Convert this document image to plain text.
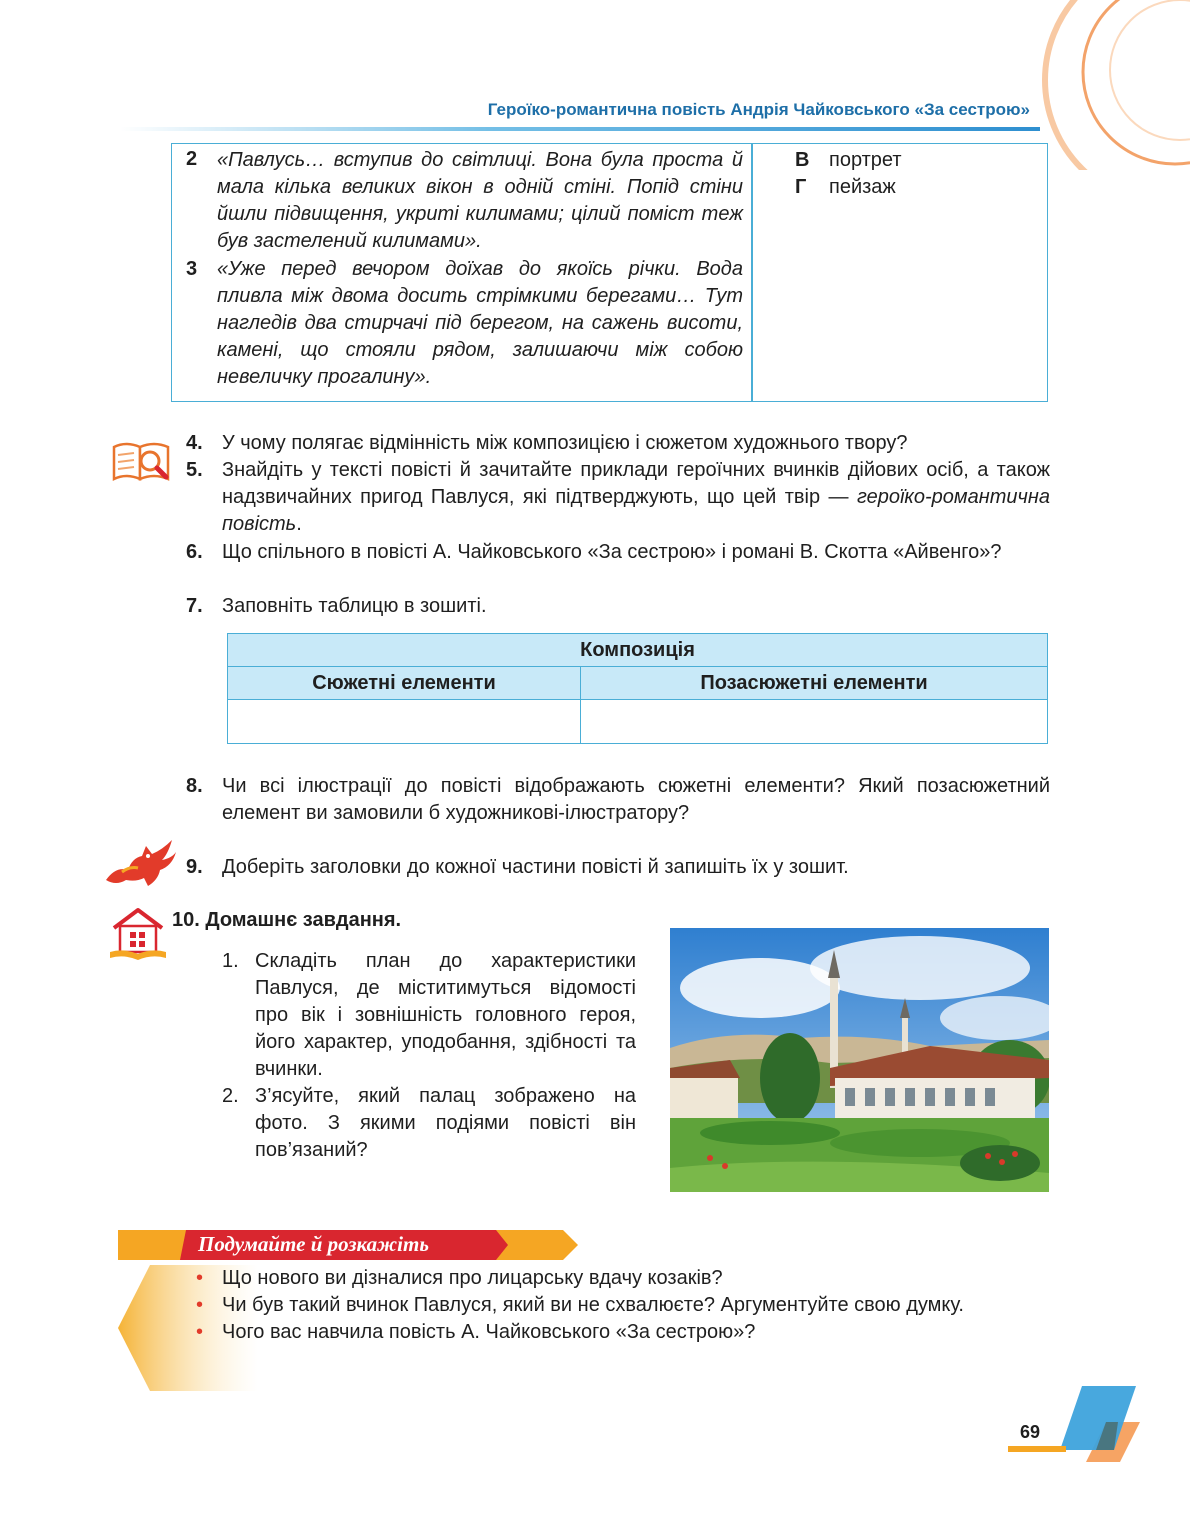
Героїко-романтична повість Андрія Чайковського «За сестрою»
2 «Павлусь… вступив до світлиці. Вона була проста й мала кілька великих вікон в одній стіні. Попід стіни йшли підвищення, укриті килимами; цілий поміст теж був застелений килимами».
3 «Уже перед вечором доїхав до якоїсь річки. Вода пливла між двома досить стрімкими берегами… Тут нагледів два стирчачі під берегом, на сажень висоти, камені, що стояли рядом, залишаючи між собою невеличку прогалину».
В портрет
Г пейзаж
4. У чому полягає відмінність між композицією і сюжетом художнього твору?
5. Знайдіть у тексті повісті й зачитайте приклади героїчних вчинків дійових осіб, а також надзвичайних пригод Павлуся, які підтверджують, що цей твір — героїко-романтична повість.
6. Що спільного в повісті А. Чайковського «За сестрою» і романі В. Скотта «Айвенго»?
7. Заповніть таблицю в зошиті.
Композиція	
Сюжетні елементи	Позасюжетні елементи

8. Чи всі ілюстрації до повісті відображають сюжетні елементи? Який позасюжетний елемент ви замовили б художникові-ілюстратору?
9. Доберіть заголовки до кожної частини повісті й запишіть їх у зошит.
10. Домашнє завдання.
1. Складіть план до характеристики Павлуся, де міститимуться відомості про вік і зовнішність головного героя, його характер, уподобання, здібності та вчинки.
2. З’ясуйте, який палац зображено на фото. З якими подіями повісті він пов’язаний?
Подумайте й розкажіть
• Що нового ви дізналися про лицарську вдачу козаків?
• Чи був такий вчинок Павлуся, який ви не схвалюєте? Аргументуйте свою думку.
• Чого вас навчила повість А. Чайковського «За сестрою»?
69
